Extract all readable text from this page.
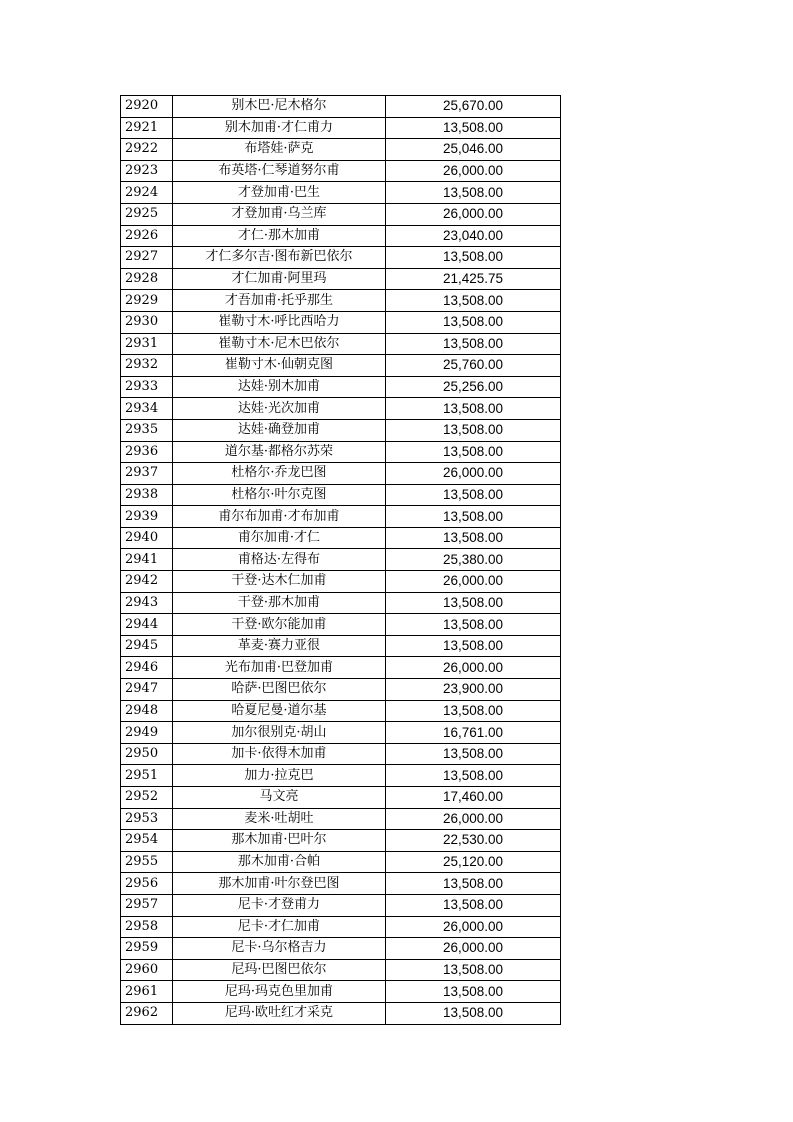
2920	别木巴·尼木格尔	25,670.00
2921	别木加甫·才仁甫力	13,508.00
2922	布塔娃·萨克	25,046.00
2923	布英塔·仁琴道努尔甫	26,000.00
2924	才登加甫·巴生	13,508.00
2925	才登加甫·乌兰库	26,000.00
2926	才仁·那木加甫	23,040.00
2927	才仁多尔吉·图布新巴依尔	13,508.00
2928	才仁加甫·阿里玛	21,425.75
2929	才吾加甫·托乎那生	13,508.00
2930	崔勒寸木·呼比西哈力	13,508.00
2931	崔勒寸木·尼木巴依尔	13,508.00
2932	崔勒寸木·仙朝克图	25,760.00
2933	达娃·别木加甫	25,256.00
2934	达娃·光次加甫	13,508.00
2935	达娃·确登加甫	13,508.00
2936	道尔基·都格尔苏荣	13,508.00
2937	杜格尔·乔龙巴图	26,000.00
2938	杜格尔·叶尔克图	13,508.00
2939	甫尔布加甫·才布加甫	13,508.00
2940	甫尔加甫·才仁	13,508.00
2941	甫格达·左得布	25,380.00
2942	干登·达木仁加甫	26,000.00
2943	干登·那木加甫	13,508.00
2944	干登·欧尔能加甫	13,508.00
2945	革麦·赛力亚很	13,508.00
2946	光布加甫·巴登加甫	26,000.00
2947	哈萨·巴图巴依尔	23,900.00
2948	哈夏尼曼·道尔基	13,508.00
2949	加尔很别克·胡山	16,761.00
2950	加卡·依得木加甫	13,508.00
2951	加力·拉克巴	13,508.00
2952	马文亮	17,460.00
2953	麦米·吐胡吐	26,000.00
2954	那木加甫·巴叶尔	22,530.00
2955	那木加甫·合帕	25,120.00
2956	那木加甫·叶尔登巴图	13,508.00
2957	尼卡·才登甫力	13,508.00
2958	尼卡·才仁加甫	26,000.00
2959	尼卡·乌尔格吉力	26,000.00
2960	尼玛·巴图巴依尔	13,508.00
2961	尼玛·玛克色里加甫	13,508.00
2962	尼玛·欧吐红才采克	13,508.00
